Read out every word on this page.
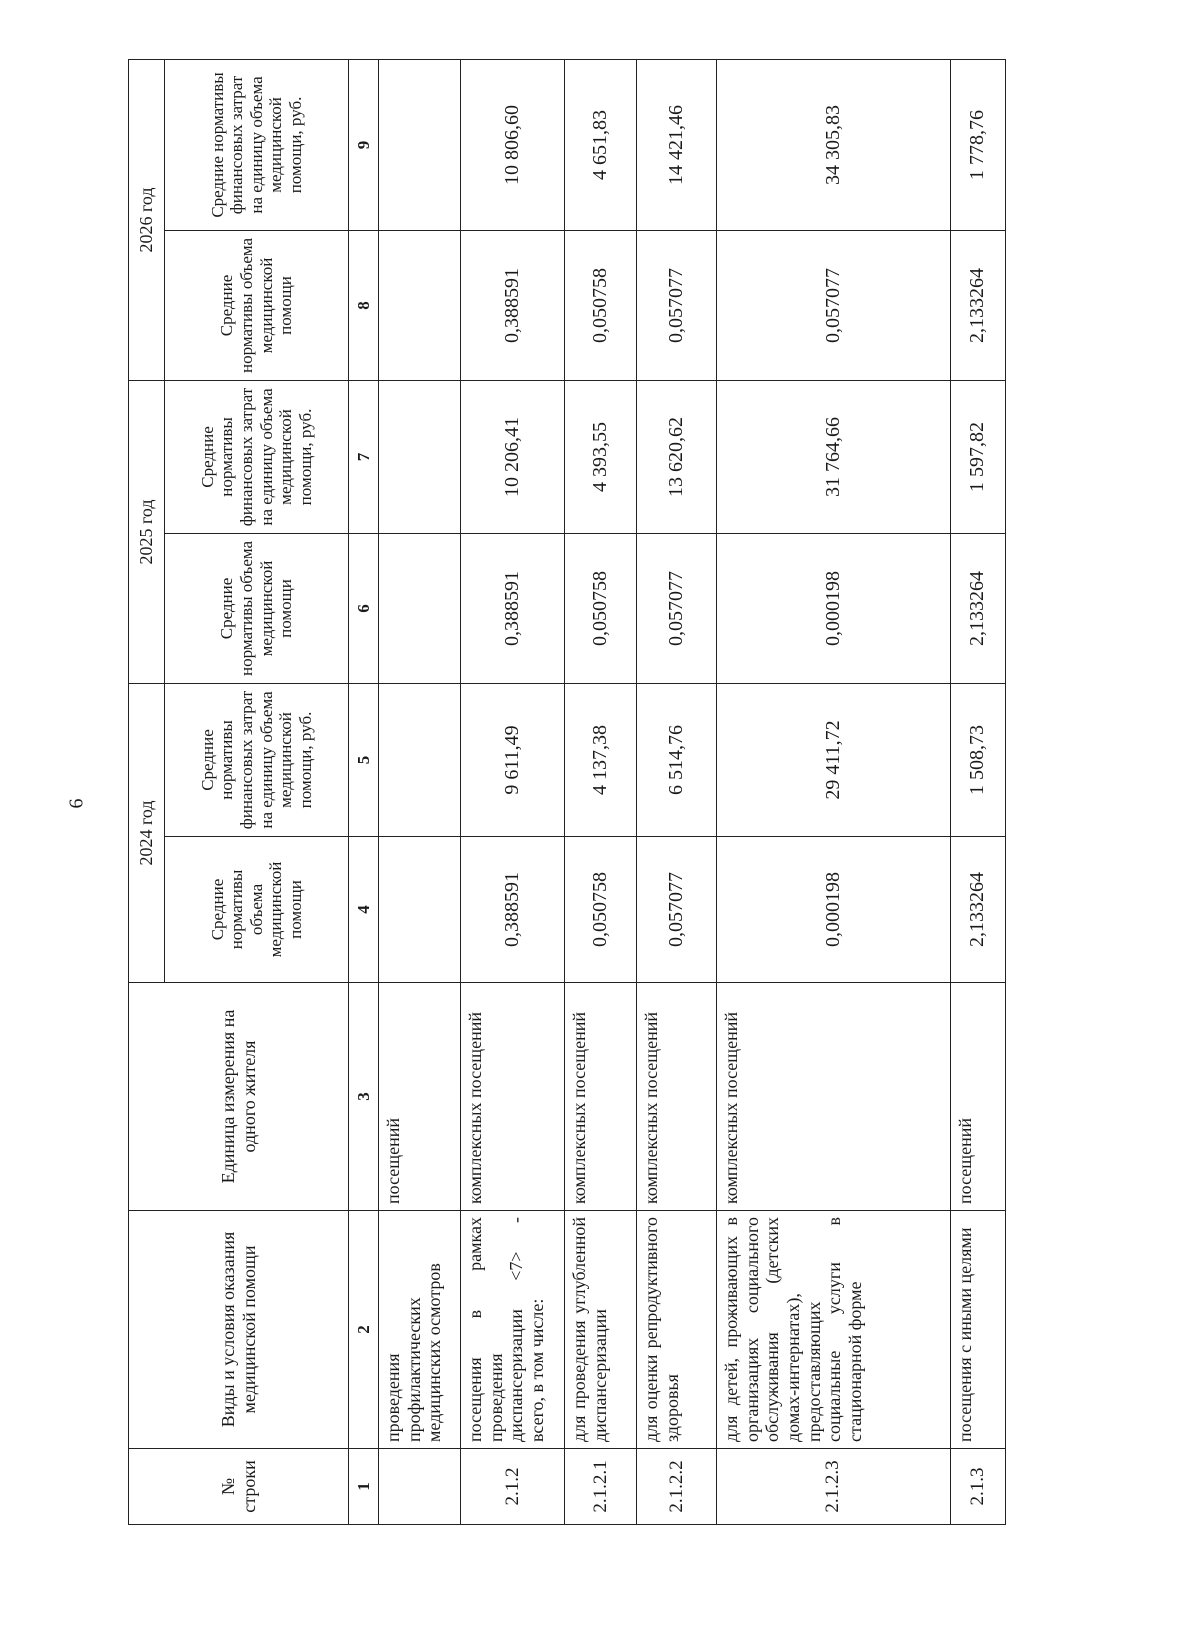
6
№ строки	Виды и условия оказания медицинской помощи	Единица измерения на одного жителя	2024 год		2025 год		2026 год	
			Средние нормативы объема медицинской помощи	Средние нормативы финансовых затрат на единицу объема медицинской помощи, руб.	Средние нормативы объема медицинской помощи	Средние нормативы финансовых затрат на единицу объема медицинской помощи, руб.	Средние нормативы объема медицинской помощи	Средние нормативы финансовых затрат на единицу объема медицинской помощи, руб.
1	2	3	4	5	6	7	8	9
	проведения профилактических медицинских осмотров	посещений						
2.1.2	посещения в рамках проведения диспансеризации <7> - всего, в том числе:	комплексных посещений	0,388591	9 611,49	0,388591	10 206,41	0,388591	10 806,60
2.1.2.1	для проведения углубленной диспансеризации	комплексных посещений	0,050758	4 137,38	0,050758	4 393,55	0,050758	4 651,83
2.1.2.2	для оценки репродуктивного здоровья	комплексных посещений	0,057077	6 514,76	0,057077	13 620,62	0,057077	14 421,46
2.1.2.3	для детей, проживающих в организациях социального обслуживания (детских домах-интернатах), предоставляющих социальные услуги в стационарной форме	комплексных посещений	0,000198	29 411,72	0,000198	31 764,66	0,057077	34 305,83
2.1.3	посещения с иными целями	посещений	2,133264	1 508,73	2,133264	1 597,82	2,133264	1 778,76
